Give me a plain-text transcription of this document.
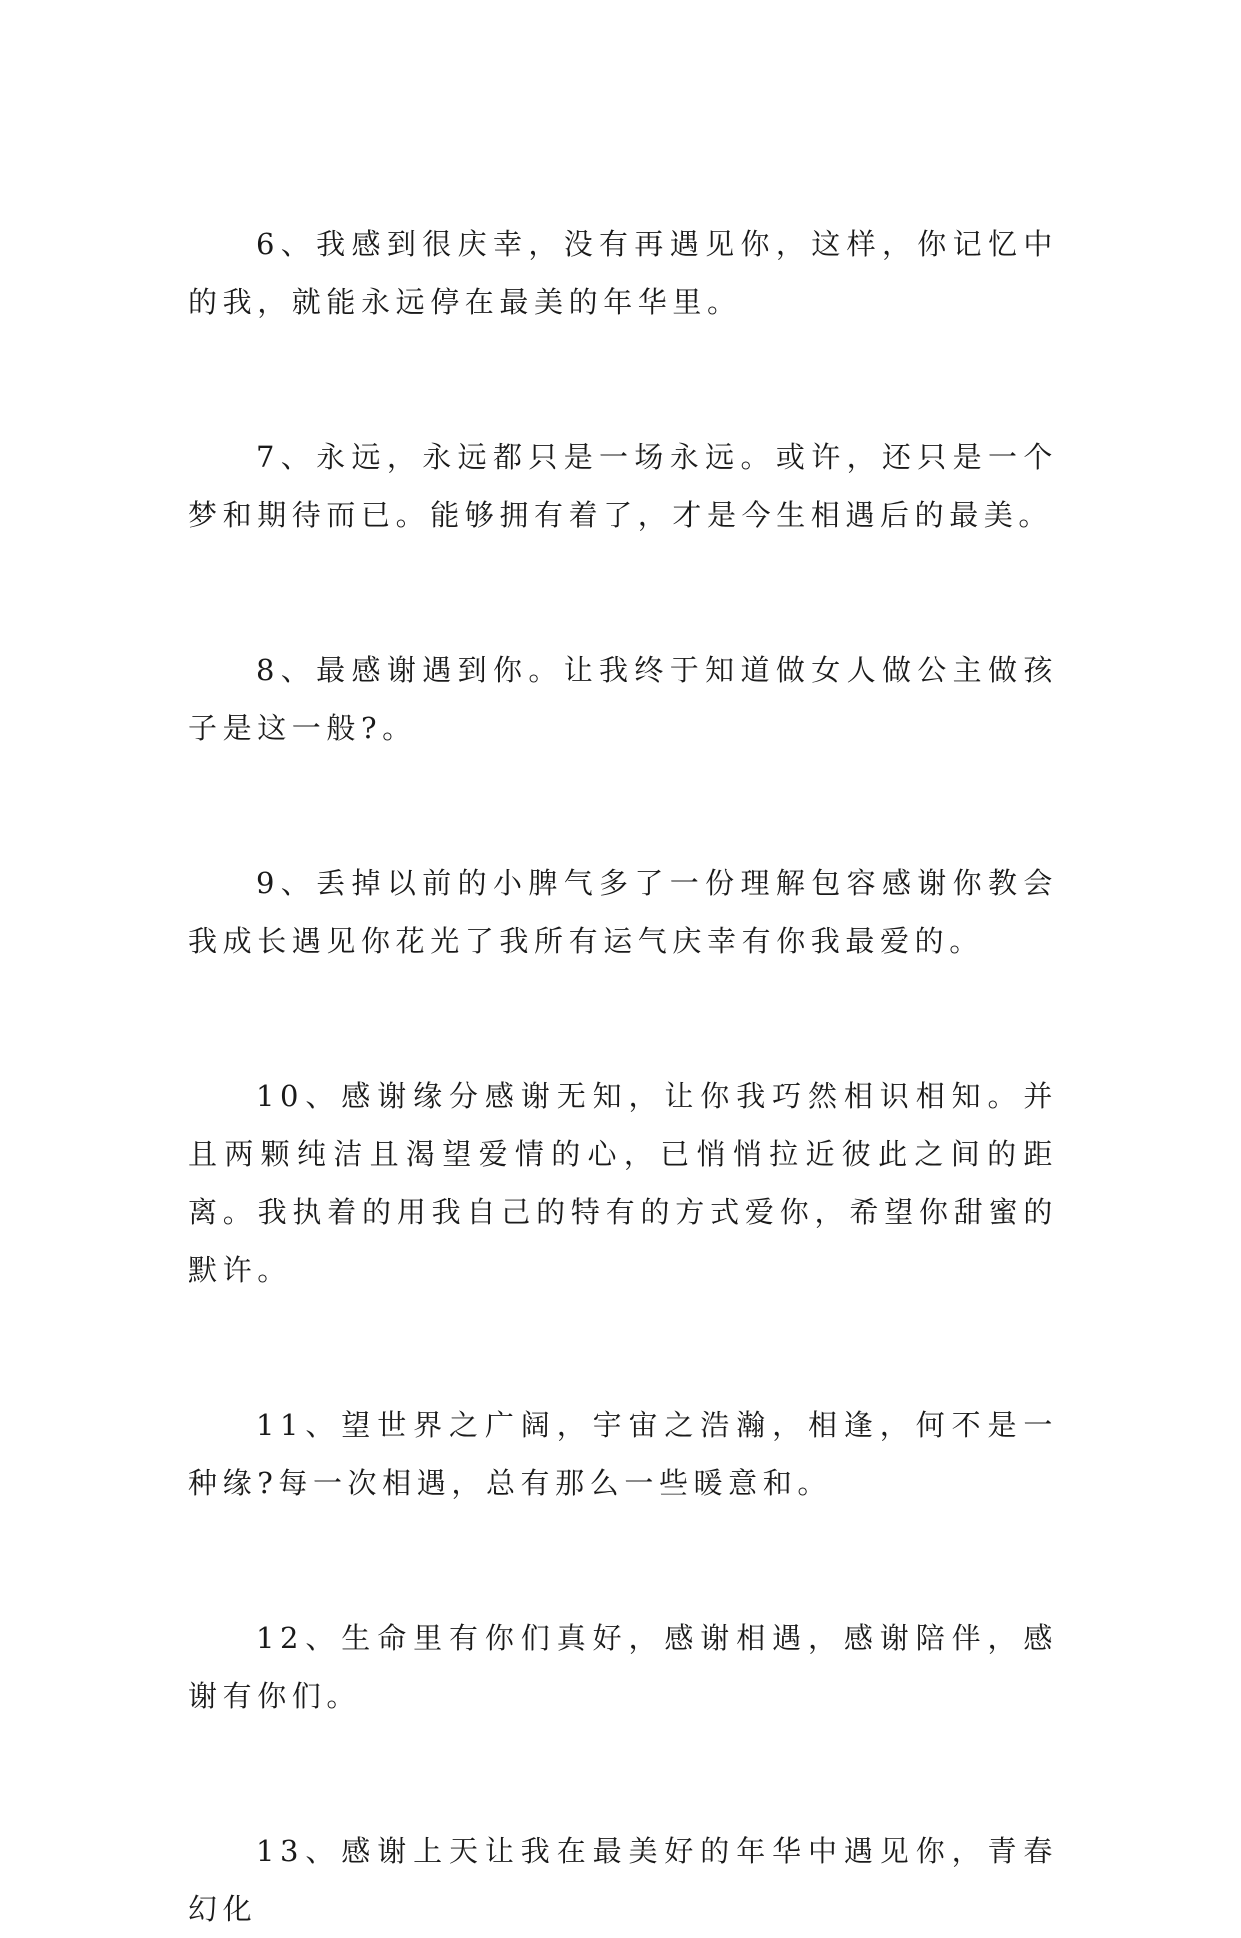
6、我感到很庆幸，没有再遇见你，这样，你记忆中的我，就能永远停在最美的年华里。

7、永远，永远都只是一场永远。或许，还只是一个梦和期待而已。能够拥有着了，才是今生相遇后的最美。

8、最感谢遇到你。让我终于知道做女人做公主做孩子是这一般?。

9、丢掉以前的小脾气多了一份理解包容感谢你教会我成长遇见你花光了我所有运气庆幸有你我最爱的。

10、感谢缘分感谢无知，让你我巧然相识相知。并且两颗纯洁且渴望爱情的心，已悄悄拉近彼此之间的距离。我执着的用我自己的特有的方式爱你，希望你甜蜜的默许。

11、望世界之广阔，宇宙之浩瀚，相逢，何不是一种缘?每一次相遇，总有那么一些暖意和。

12、生命里有你们真好，感谢相遇，感谢陪伴，感谢有你们。

13、感谢上天让我在最美好的年华中遇见你，青春幻化
